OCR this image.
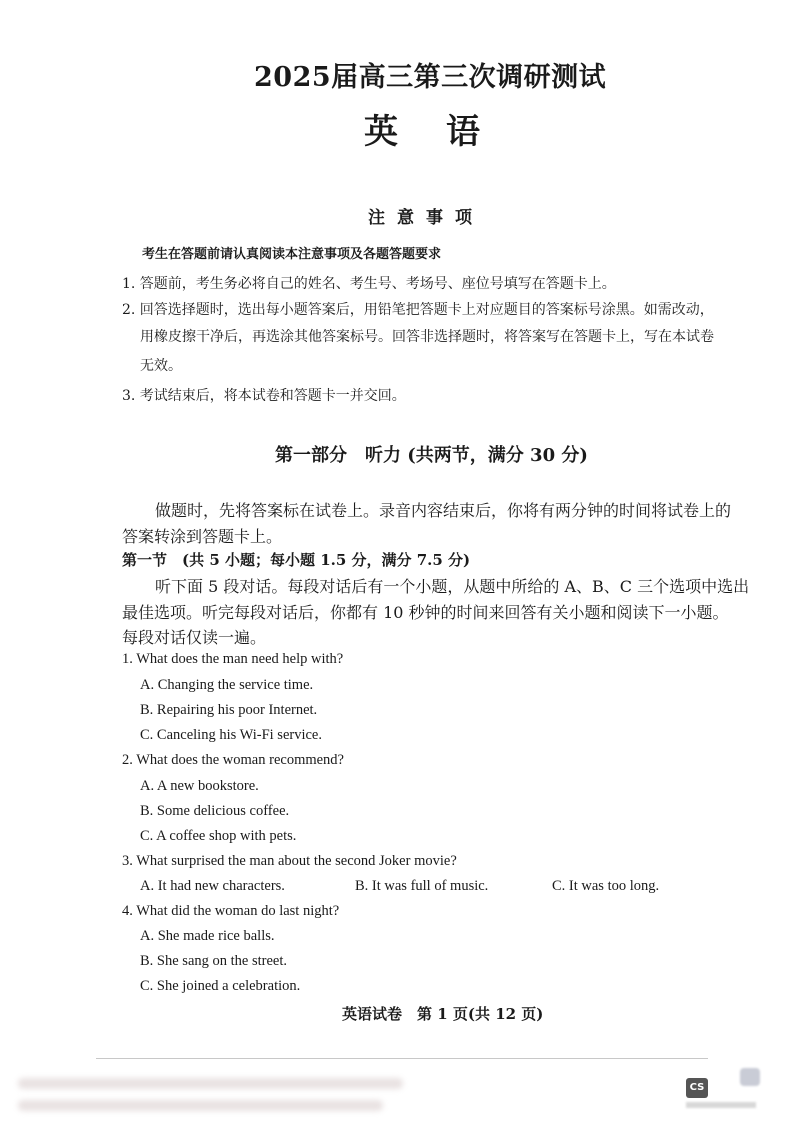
2025届高三第三次调研测试
英语
注意事项
考生在答题前请认真阅读本注意事项及各题答题要求
1. 答题前，考生务必将自己的姓名、考生号、考场号、座位号填写在答题卡上。
2. 回答选择题时，选出每小题答案后，用铅笔把答题卡上对应题目的答案标号涂黑。如需改动，
用橡皮擦干净后，再选涂其他答案标号。回答非选择题时，将答案写在答题卡上，写在本试卷
无效。
3. 考试结束后，将本试卷和答题卡一并交回。
第一部分　听力 (共两节，满分 30 分)
做题时，先将答案标在试卷上。录音内容结束后，你将有两分钟的时间将试卷上的
答案转涂到答题卡上。
第一节　(共 5 小题；每小题 1.5 分，满分 7.5 分)
听下面 5 段对话。每段对话后有一个小题，从题中所给的 A、B、C 三个选项中选出
最佳选项。听完每段对话后，你都有 10 秒钟的时间来回答有关小题和阅读下一小题。
每段对话仅读一遍。
1. What does the man need help with?
A. Changing the service time.
B. Repairing his poor Internet.
C. Canceling his Wi-Fi service.
2. What does the woman recommend?
A. A new bookstore.
B. Some delicious coffee.
C. A coffee shop with pets.
3. What surprised the man about the second Joker movie?
A. It had new characters.	B. It was full of music.	C. It was too long.
4. What did the woman do last night?
A. She made rice balls.
B. She sang on the street.
C. She joined a celebration.
英语试卷　第 1 页(共 12 页)
CS
